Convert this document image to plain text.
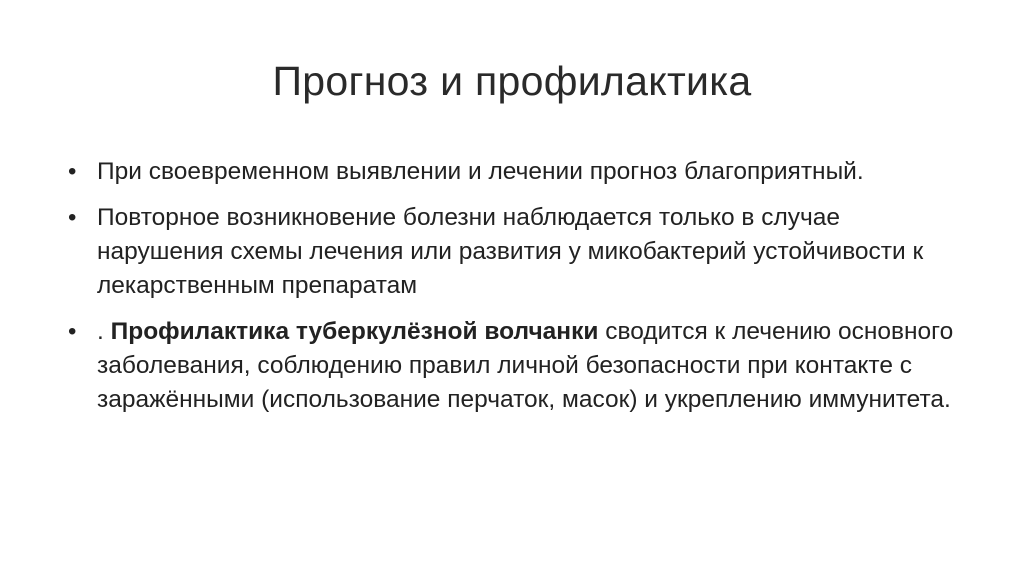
Прогноз и профилактика
• При своевременном выявлении и лечении прогноз благоприятный.
• Повторное возникновение болезни наблюдается только в случае нарушения схемы лечения или развития у микобактерий устойчивости к лекарственным препаратам
• . Профилактика туберкулёзной волчанки сводится к лечению основного заболевания, соблюдению правил личной безопасности при контакте с заражёнными (использование перчаток, масок) и укреплению иммунитета.
